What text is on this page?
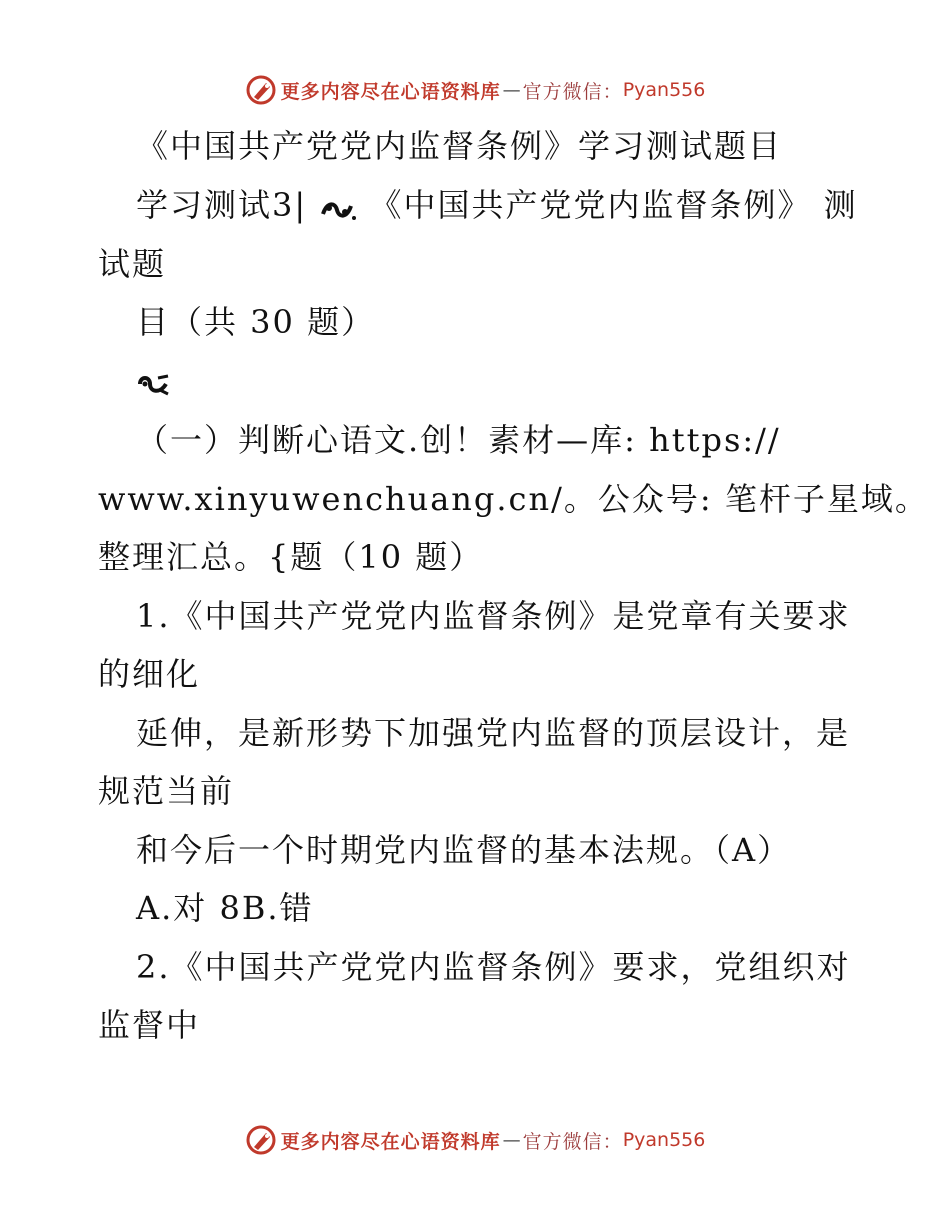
更多内容尽在心语资料库 — 官方微信： Pyan556
《中国共产党党内监督条例》学习测试题目
学习测试3| 《中国共产党党内监督条例》 测
试题
目（共 30 题）
（一）判断心语文.创！素材—库: https://
www.xinyuwenchuang.cn/。公众号: 笔杆子星域。
整理汇总。{题（10 题）
1.《中国共产党党内监督条例》是党章有关要求
的细化
延伸，是新形势下加强党内监督的顶层设计，是
规范当前
和今后一个时期党内监督的基本法规。（A）
A.对 8B.错
2.《中国共产党党内监督条例》要求，党组织对
监督中
更多内容尽在心语资料库 — 官方微信： Pyan556
